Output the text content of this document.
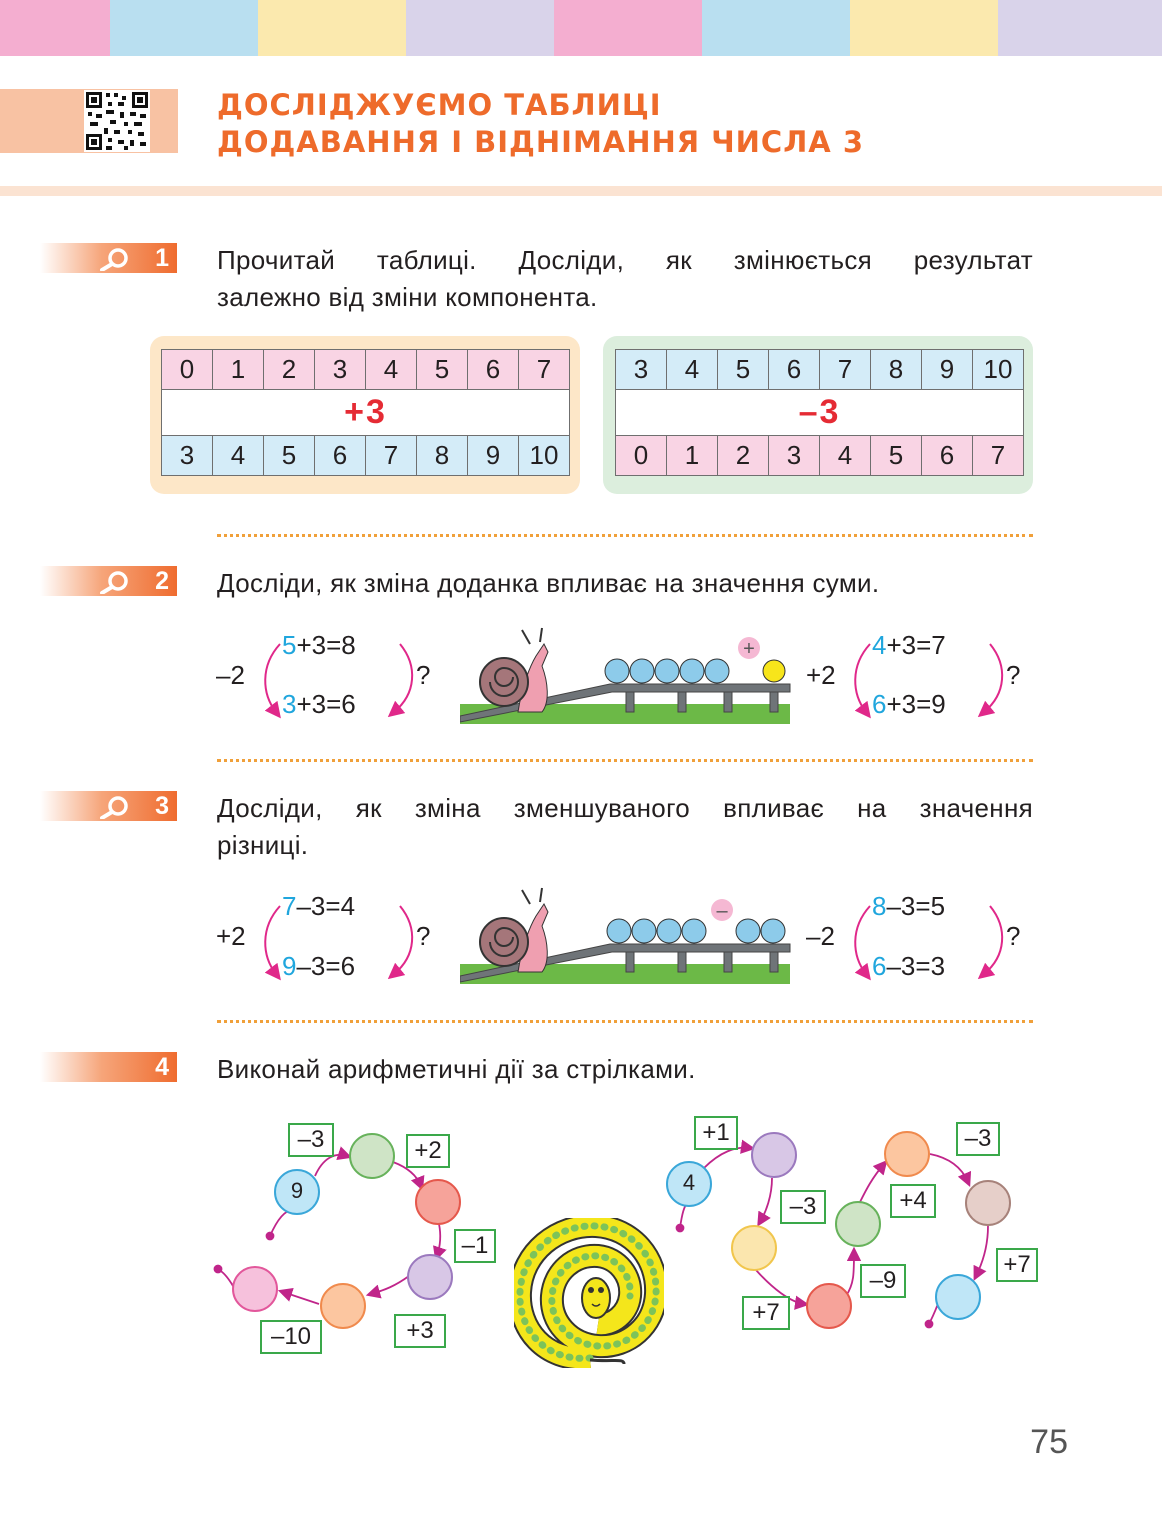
ДОСЛІДЖУЄМО ТАБЛИЦІ
ДОДАВАННЯ І ВІДНІМАННЯ ЧИСЛА 3
1 Прочитай таблиці. Досліди, як змінюється результат
залежно від зміни компонента.
0	1	2	3	4	5	6	7
+3							
3	4	5	6	7	8	9	10
3	4	5	6	7	8	9	10
–3							
0	1	2	3	4	5	6	7
2 Досліди, як зміна доданка впливає на значення суми.
–2
5+3=8
3+3=6
?
+
+2
4+3=7
6+3=9
?
3 Досліди, як зміна зменшуваного впливає на значення
різниці.
+2
7–3=4
9–3=6
?
–
–2
8–3=5
6–3=3
?
4 Виконай арифметичні дії за стрілками.
9
–3	+2
–1
+3
–10
4
+1
–3
+7
–9
+4
–3
+7
75
